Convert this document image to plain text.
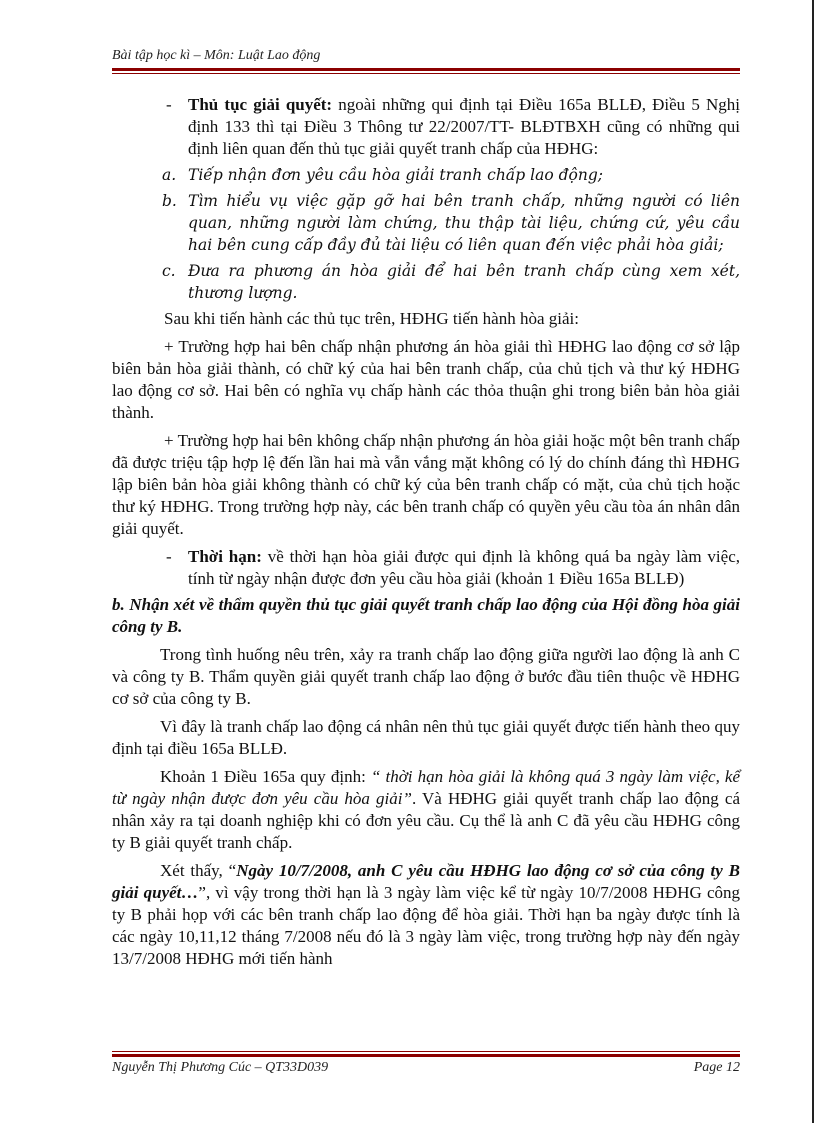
Bài tập học kì – Môn: Luật Lao động
- Thủ tục giải quyết: ngoài những qui định tại Điều 165a BLLĐ, Điều 5 Nghị định 133 thì tại Điều 3 Thông tư 22/2007/TT- BLĐTBXH cũng có những qui định liên quan đến thủ tục giải quyết tranh chấp của HĐHG:
a. Tiếp nhận đơn yêu cầu hòa giải tranh chấp lao động;
b. Tìm hiểu vụ việc gặp gỡ hai bên tranh chấp, những người có liên quan, những người làm chứng, thu thập tài liệu, chứng cứ, yêu cầu hai bên cung cấp đầy đủ tài liệu có liên quan đến việc phải hòa giải;
c. Đưa ra phương án hòa giải để hai bên tranh chấp cùng xem xét, thương lượng.

Sau khi tiến hành các thủ tục trên, HĐHG tiến hành hòa giải:

+ Trường hợp hai bên chấp nhận phương án hòa giải thì HĐHG lao động cơ sở lập biên bản hòa giải thành, có chữ ký của hai bên tranh chấp, của chủ tịch và thư ký HĐHG lao động cơ sở. Hai bên có nghĩa vụ chấp hành các thỏa thuận ghi trong biên bản hòa giải thành.

+ Trường hợp hai bên không chấp nhận phương án hòa giải hoặc một bên tranh chấp đã được triệu tập hợp lệ đến lần hai mà vẫn vắng mặt không có lý do chính đáng thì HĐHG lập biên bản hòa giải không thành có chữ ký của bên tranh chấp có mặt, của chủ tịch hoặc thư ký HĐHG. Trong trường hợp này, các bên tranh chấp có quyền yêu cầu tòa án nhân dân giải quyết.

- Thời hạn: về thời hạn hòa giải được qui định là không quá ba ngày làm việc, tính từ ngày nhận được đơn yêu cầu hòa giải (khoản 1 Điều 165a BLLĐ)
b. Nhận xét về thẩm quyền thủ tục giải quyết tranh chấp lao động của Hội đồng hòa giải công ty B.

Trong tình huống nêu trên, xảy ra tranh chấp lao động giữa người lao động là anh C và công ty B. Thẩm quyền giải quyết tranh chấp lao động ở bước đầu tiên thuộc về HĐHG cơ sở của công ty B.

Vì đây là tranh chấp lao động cá nhân nên thủ tục giải quyết được tiến hành theo quy định tại điều 165a BLLĐ.

Khoản 1 Điều 165a quy định: “ thời hạn hòa giải là không quá 3 ngày làm việc, kể từ ngày nhận được đơn yêu cầu hòa giải”. Và HĐHG giải quyết tranh chấp lao động cá nhân xảy ra tại doanh nghiệp khi có đơn yêu cầu. Cụ thể là anh C đã yêu cầu HĐHG công ty B giải quyết tranh chấp.

Xét thấy, “Ngày 10/7/2008, anh C yêu cầu HĐHG lao động cơ sở của công ty B giải quyết…”, vì vậy trong thời hạn là 3 ngày làm việc kể từ ngày 10/7/2008 HĐHG công ty B phải họp với các bên tranh chấp lao động để hòa giải. Thời hạn ba ngày được tính là các ngày 10,11,12 tháng 7/2008 nếu đó là 3 ngày làm việc, trong trường hợp này đến ngày 13/7/2008 HĐHG mới tiến hành

Nguyễn Thị Phương Cúc – QT33D039	Page 12
